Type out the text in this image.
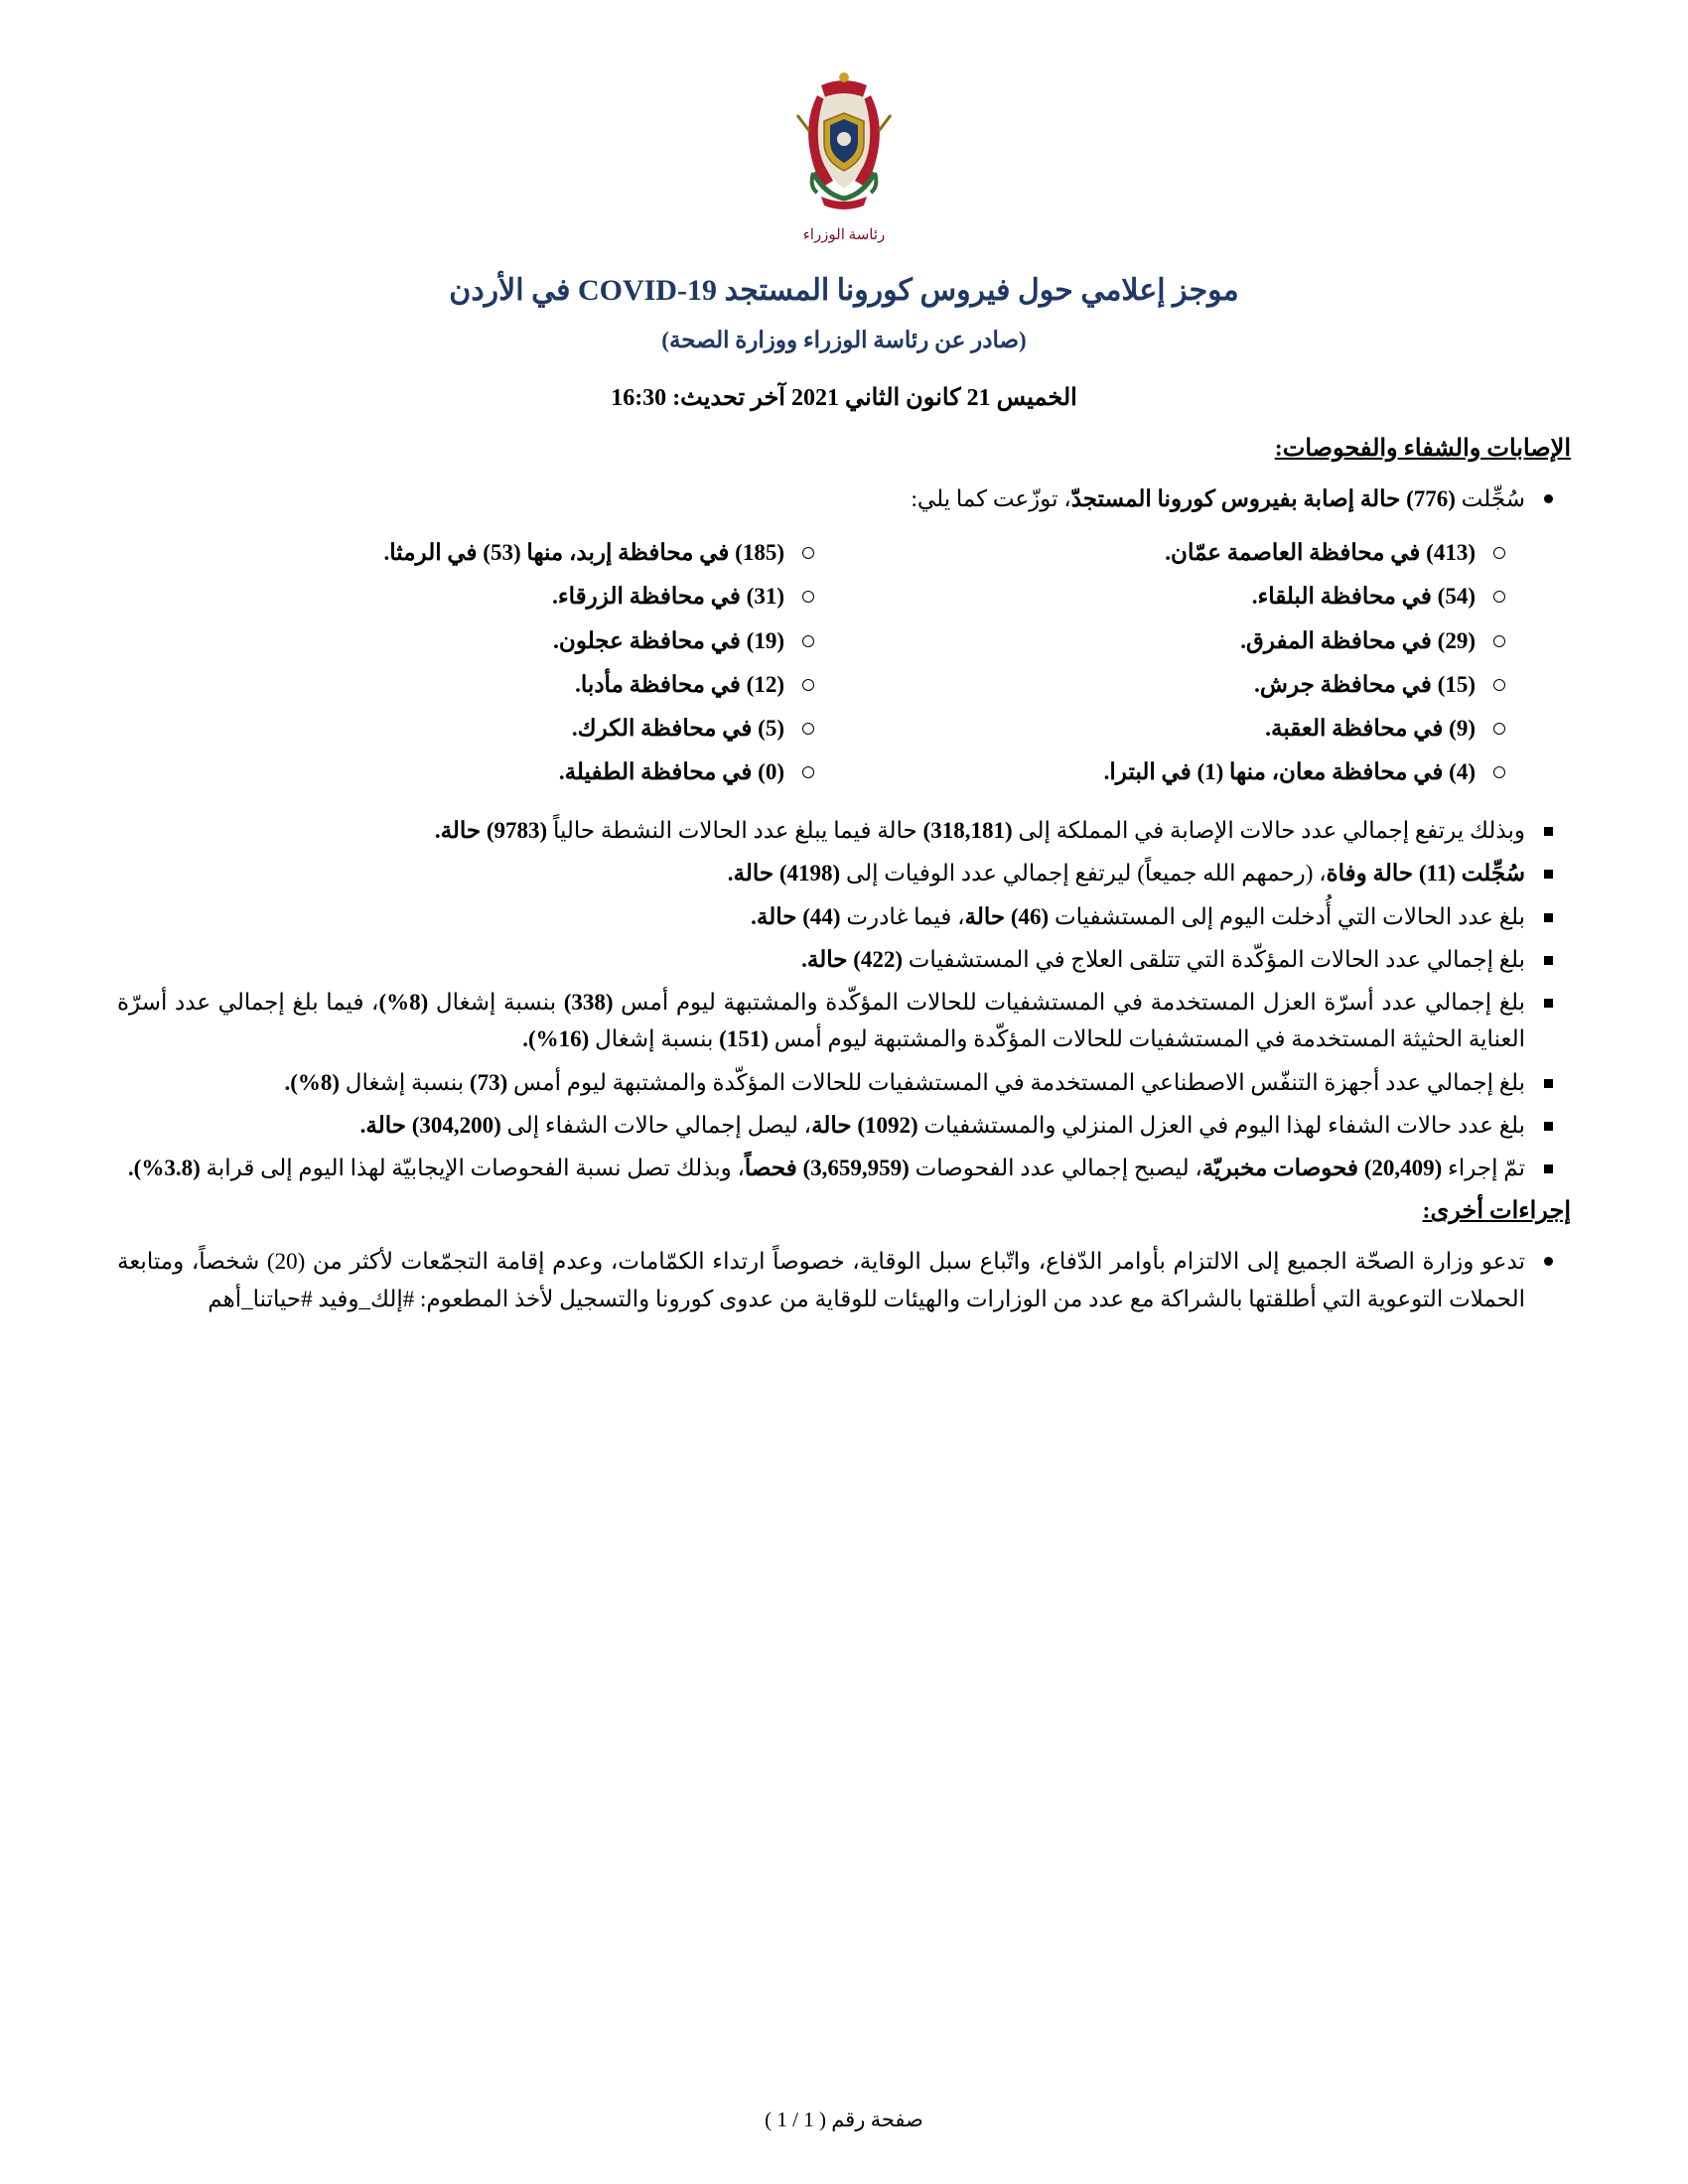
رئاسة الوزراء
موجز إعلامي حول فيروس كورونا المستجد COVID-19 في الأردن
(صادر عن رئاسة الوزراء ووزارة الصحة)
الخميس 21 كانون الثاني 2021 آخر تحديث: 16:30
الإصابات والشفاء والفحوصات:
سُجِّلت (776) حالة إصابة بفيروس كورونا المستجدّ، توزّعت كما يلي:
(413) في محافظة العاصمة عمّان.
(54) في محافظة البلقاء.
(29) في محافظة المفرق.
(15) في محافظة جرش.
(9) في محافظة العقبة.
(4) في محافظة معان، منها (1) في البترا.
(185) في محافظة إربد، منها (53) في الرمثا.
(31) في محافظة الزرقاء.
(19) في محافظة عجلون.
(12) في محافظة مأدبا.
(5) في محافظة الكرك.
(0) في محافظة الطفيلة.
وبذلك يرتفع إجمالي عدد حالات الإصابة في المملكة إلى (318,181) حالة فيما يبلغ عدد الحالات النشطة حالياً (9783) حالة.
سُجِّلت (11) حالة وفاة، (رحمهم الله جميعاً) ليرتفع إجمالي عدد الوفيات إلى (4198) حالة.
بلغ عدد الحالات التي أُدخلت اليوم إلى المستشفيات (46) حالة، فيما غادرت (44) حالة.
بلغ إجمالي عدد الحالات المؤكّدة التي تتلقى العلاج في المستشفيات (422) حالة.
بلغ إجمالي عدد أسرّة العزل المستخدمة في المستشفيات للحالات المؤكّدة والمشتبهة ليوم أمس (338) بنسبة إشغال (8%)، فيما بلغ إجمالي عدد أسرّة العناية الحثيثة المستخدمة في المستشفيات للحالات المؤكّدة والمشتبهة ليوم أمس (151) بنسبة إشغال (16%).
بلغ إجمالي عدد أجهزة التنفّس الاصطناعي المستخدمة في المستشفيات للحالات المؤكّدة والمشتبهة ليوم أمس (73) بنسبة إشغال (8%).
بلغ عدد حالات الشفاء لهذا اليوم في العزل المنزلي والمستشفيات (1092) حالة، ليصل إجمالي حالات الشفاء إلى (304,200) حالة.
تمّ إجراء (20,409) فحوصات مخبريّة، ليصبح إجمالي عدد الفحوصات (3,659,959) فحصاً، وبذلك تصل نسبة الفحوصات الإيجابيّة لهذا اليوم إلى قرابة (3.8%).
إجراءات أخرى:
تدعو وزارة الصحّة الجميع إلى الالتزام بأوامر الدّفاع، واتّباع سبل الوقاية، خصوصاً ارتداء الكمّامات، وعدم إقامة التجمّعات لأكثر من (20) شخصاً، ومتابعة الحملات التوعوية التي أطلقتها بالشراكة مع عدد من الوزارات والهيئات للوقاية من عدوى كورونا والتسجيل لأخذ المطعوم: #إلك_وفيد #حياتنا_أهم
صفحة رقم ( 1 / 1 )
